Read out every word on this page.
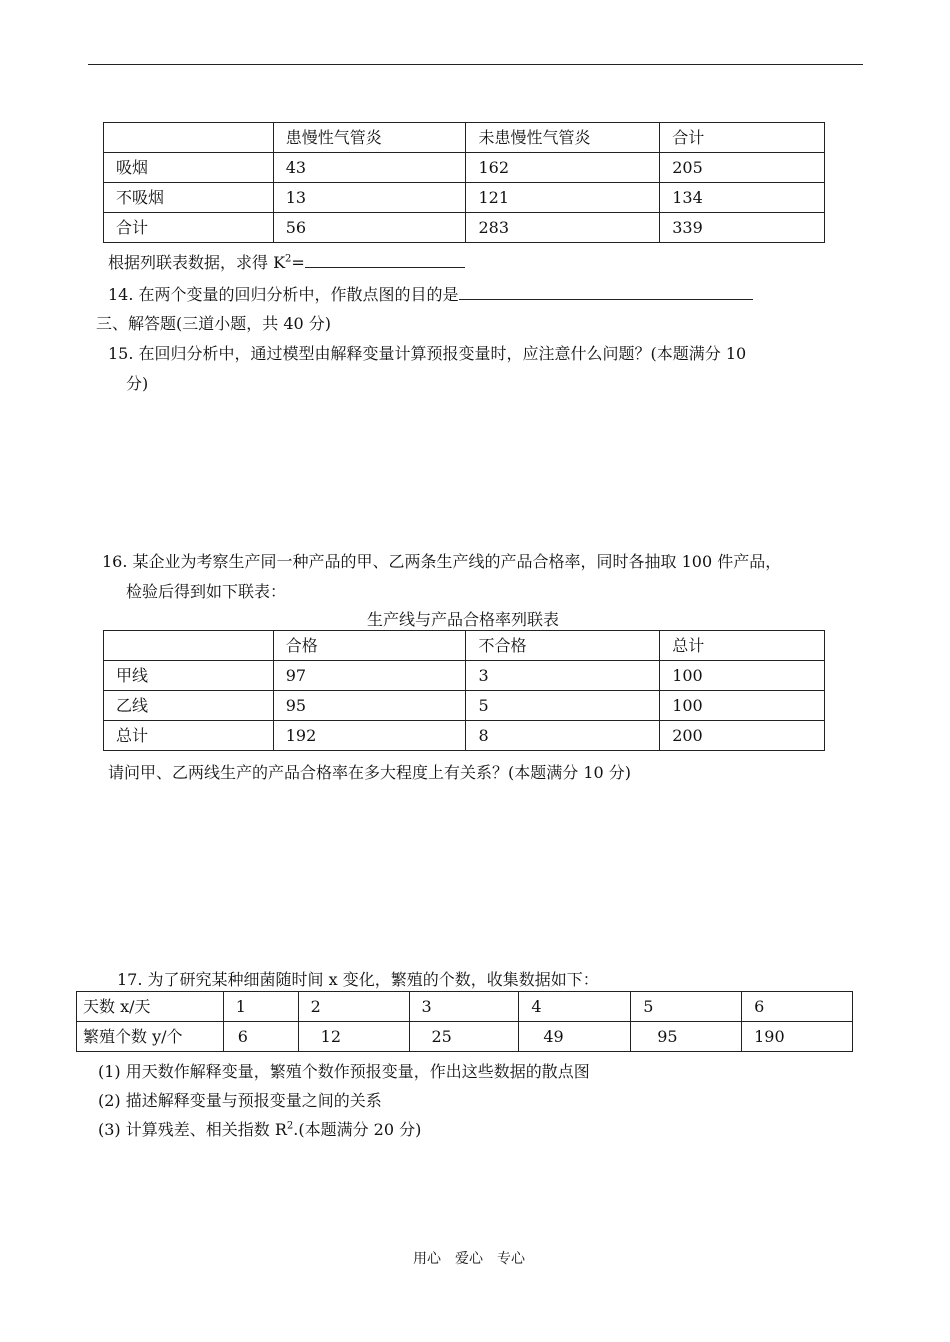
	患慢性气管炎	未患慢性气管炎	合计
吸烟	43	162	205
不吸烟	13	121	134
合计	56	283	339
根据列联表数据，求得 $K^2=$
14. 在两个变量的回归分析中，作散点图的目的是
三、解答题(三道小题，共 40 分)
15. 在回归分析中，通过模型由解释变量计算预报变量时，应注意什么问题？(本题满分 10
分)
16. 某企业为考察生产同一种产品的甲、乙两条生产线的产品合格率，同时各抽取 100 件产品，
检验后得到如下联表：
生产线与产品合格率列联表
	合格	不合格	总计
甲线	97	3	100
乙线	95	5	100
总计	192	8	200
请问甲、乙两线生产的产品合格率在多大程度上有关系？(本题满分 10 分)
17. 为了研究某种细菌随时间 x 变化，繁殖的个数，收集数据如下：
天数 x/天	1	2	3	4	5	6
繁殖个数 y/个	6	12	25	49	95	190
(1) 用天数作解释变量，繁殖个数作预报变量，作出这些数据的散点图
(2) 描述解释变量与预报变量之间的关系
(3) 计算残差、相关指数 $R^2$.(本题满分 20 分)
用心　爱心　专心
